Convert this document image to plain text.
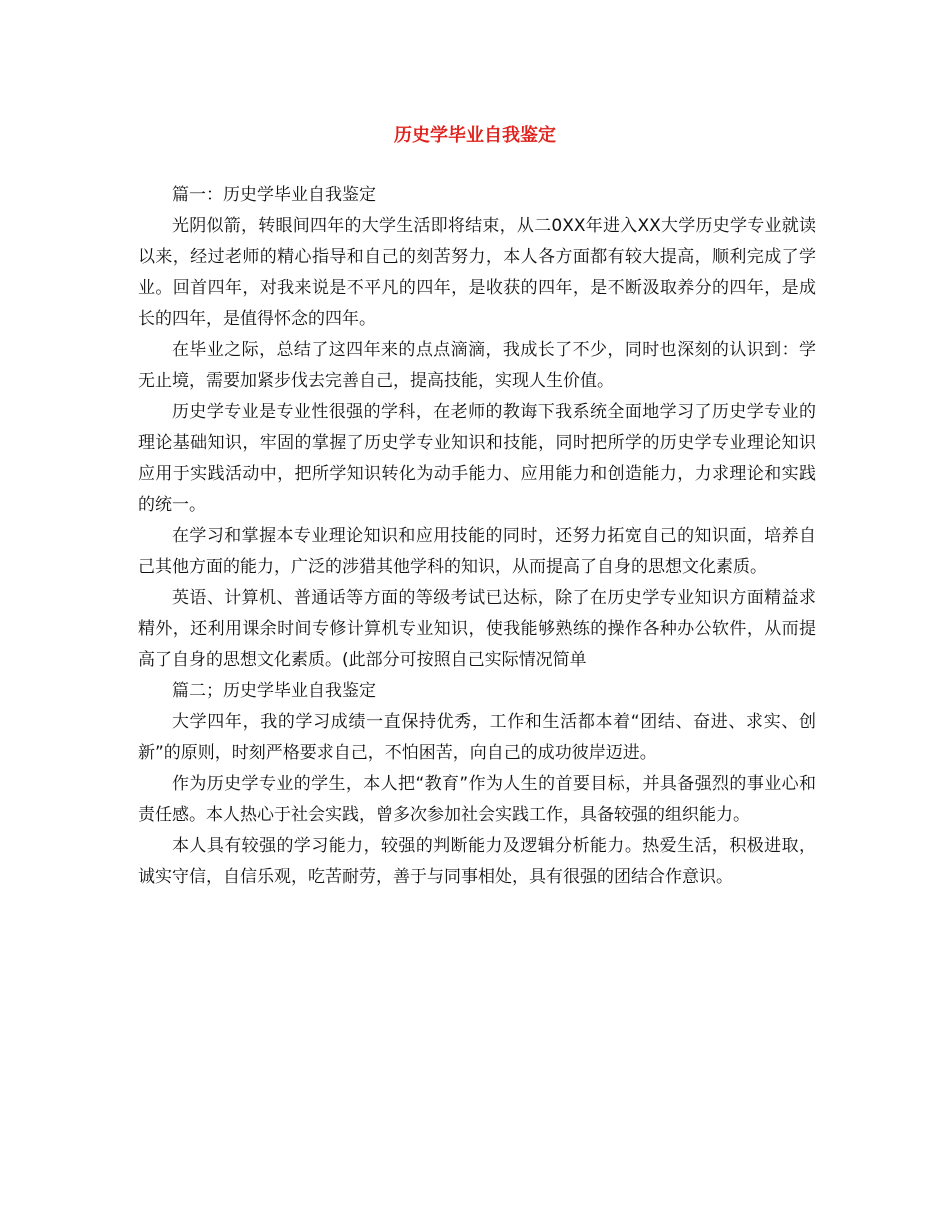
历史学毕业自我鉴定

篇一：历史学毕业自我鉴定

光阴似箭，转眼间四年的大学生活即将结束，从二0XX年进入XX大学历史学专业就读以来，经过老师的精心指导和自己的刻苦努力，本人各方面都有较大提高，顺利完成了学业。回首四年，对我来说是不平凡的四年，是收获的四年，是不断汲取养分的四年，是成长的四年，是值得怀念的四年。

在毕业之际，总结了这四年来的点点滴滴，我成长了不少，同时也深刻的认识到：学无止境，需要加紧步伐去完善自己，提高技能，实现人生价值。

历史学专业是专业性很强的学科，在老师的教诲下我系统全面地学习了历史学专业的理论基础知识，牢固的掌握了历史学专业知识和技能，同时把所学的历史学专业理论知识应用于实践活动中，把所学知识转化为动手能力、应用能力和创造能力，力求理论和实践的统一。

在学习和掌握本专业理论知识和应用技能的同时，还努力拓宽自己的知识面，培养自己其他方面的能力，广泛的涉猎其他学科的知识，从而提高了自身的思想文化素质。

英语、计算机、普通话等方面的等级考试已达标，除了在历史学专业知识方面精益求精外，还利用课余时间专修计算机专业知识，使我能够熟练的操作各种办公软件，从而提高了自身的思想文化素质。(此部分可按照自己实际情况简单

篇二；历史学毕业自我鉴定

大学四年，我的学习成绩一直保持优秀，工作和生活都本着“团结、奋进、求实、创新”的原则，时刻严格要求自己，不怕困苦，向自己的成功彼岸迈进。

作为历史学专业的学生，本人把“教育”作为人生的首要目标，并具备强烈的事业心和责任感。本人热心于社会实践，曾多次参加社会实践工作，具备较强的组织能力。

本人具有较强的学习能力，较强的判断能力及逻辑分析能力。热爱生活，积极进取，诚实守信，自信乐观，吃苦耐劳，善于与同事相处，具有很强的团结合作意识。
